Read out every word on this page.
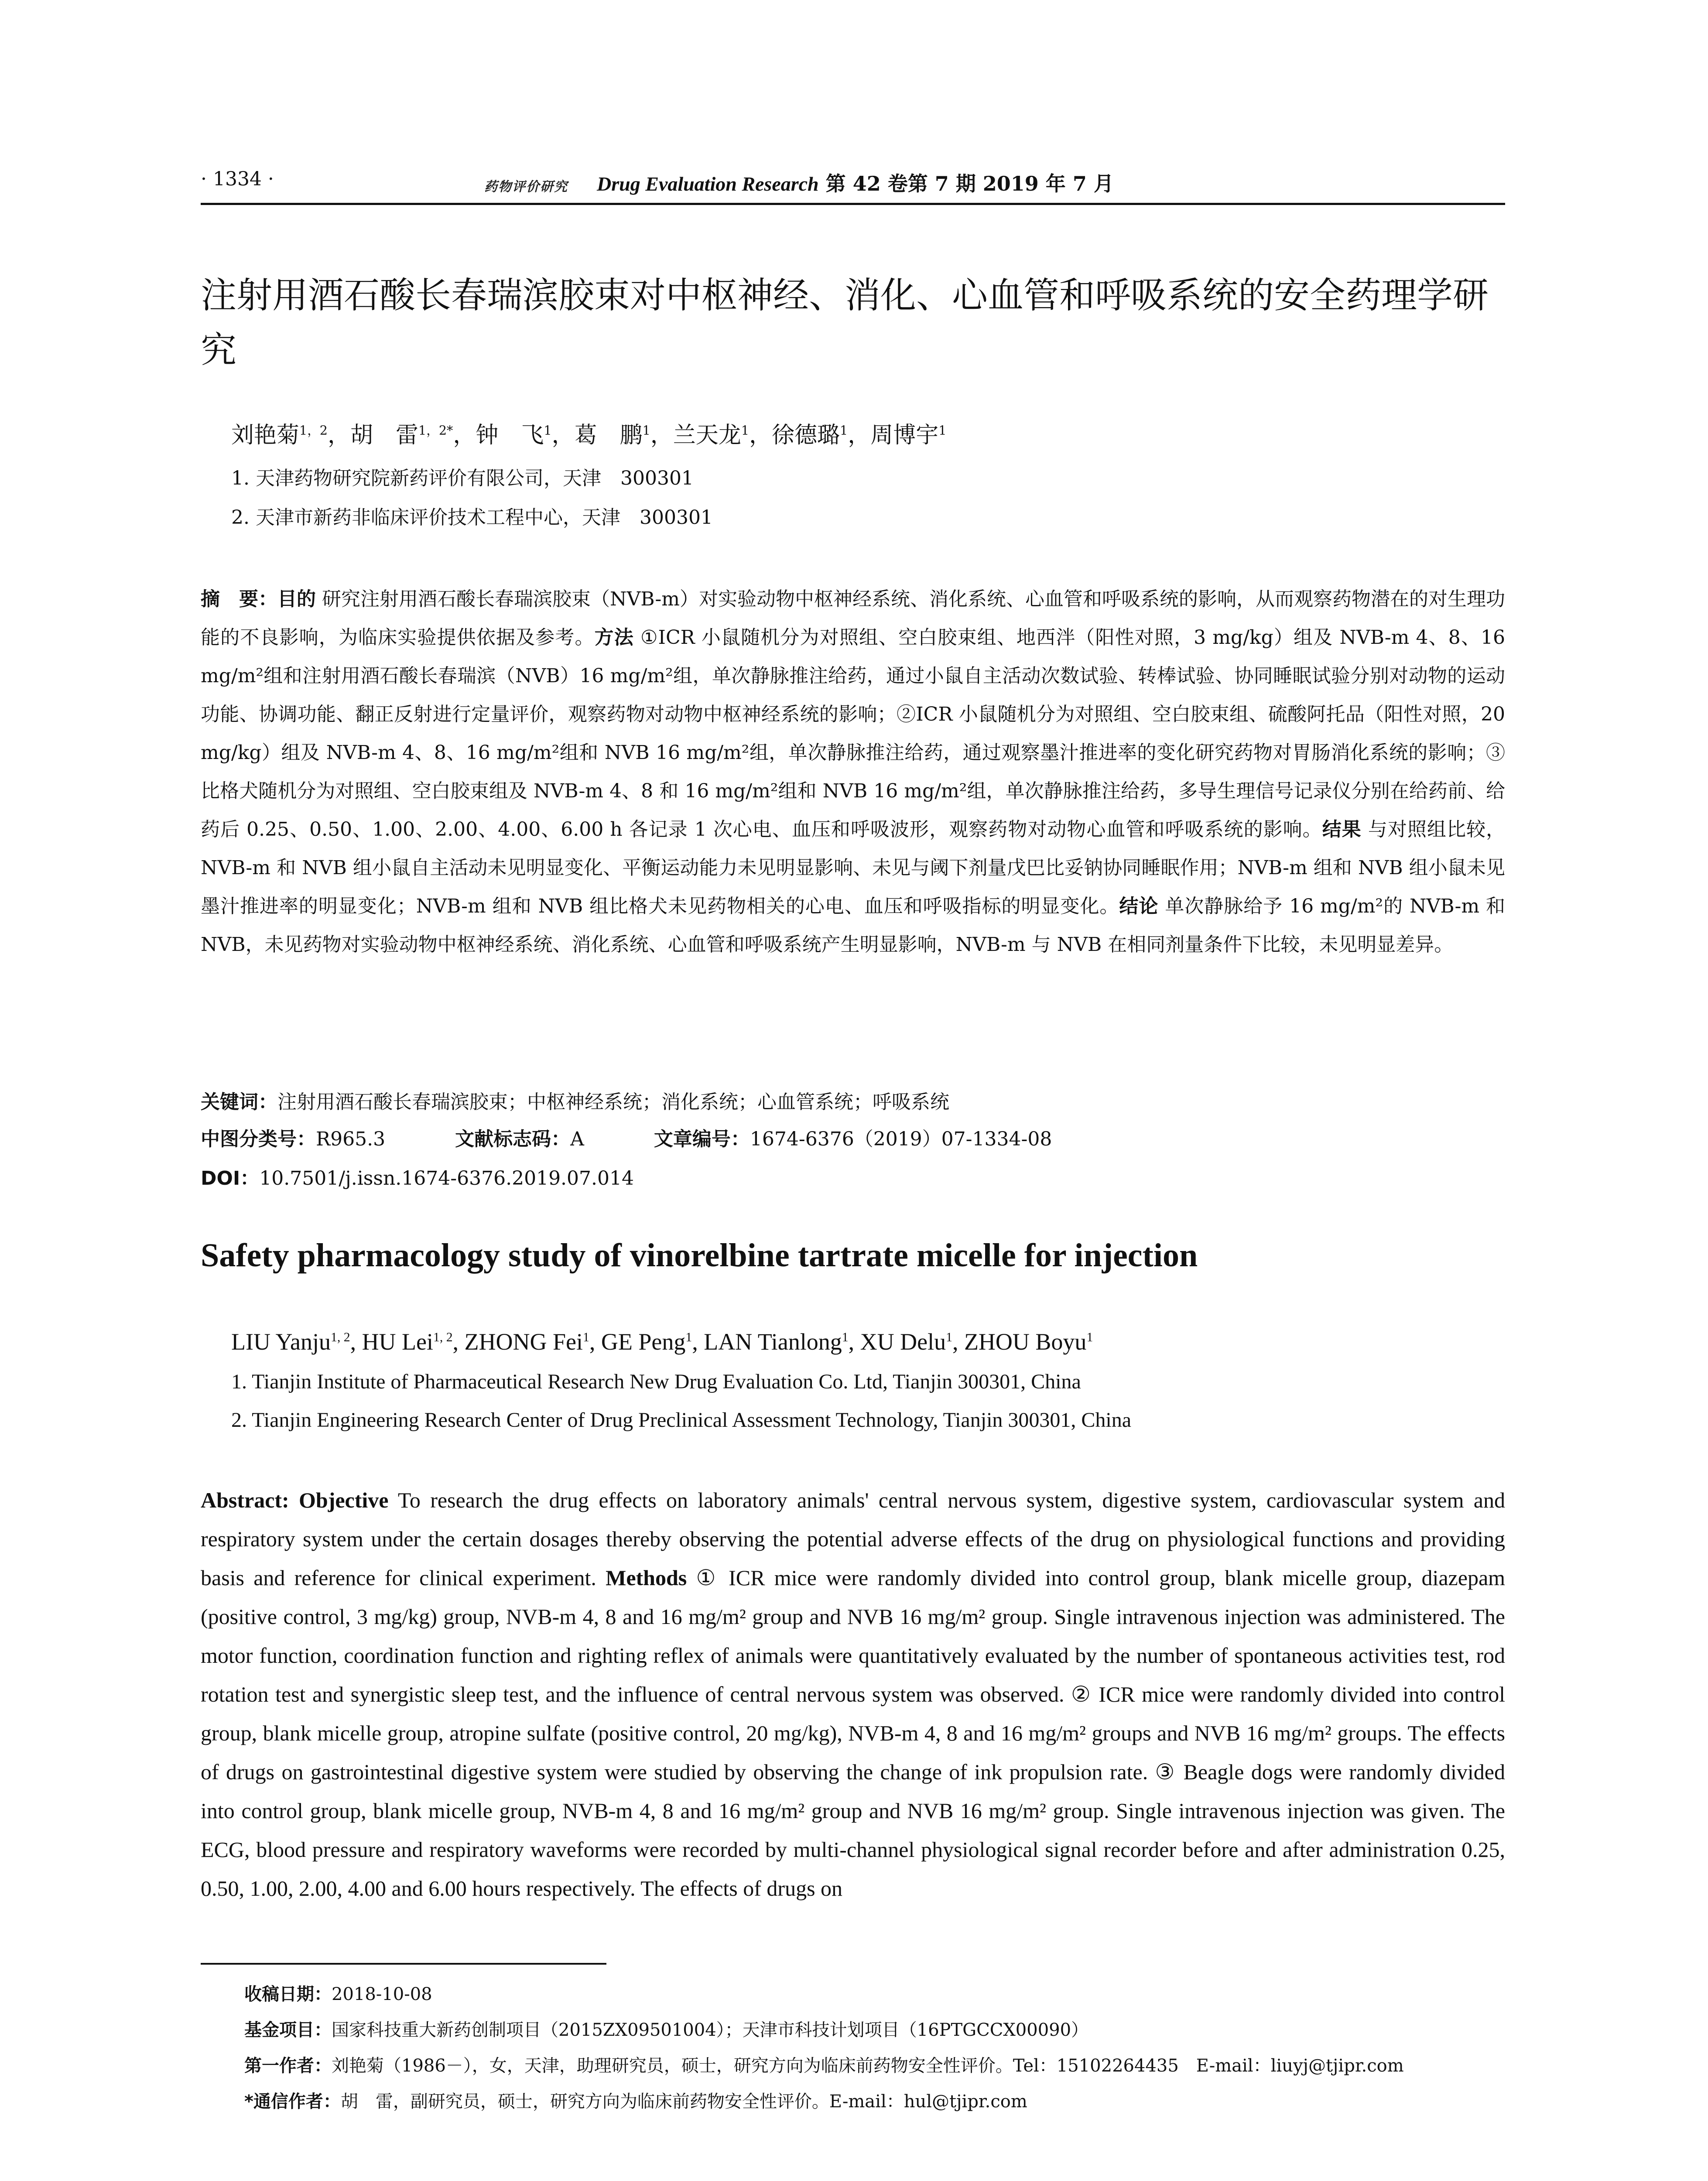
· 1334 ·	药物评价研究 Drug Evaluation Research 第 42 卷第 7 期 2019 年 7 月
注射用酒石酸长春瑞滨胶束对中枢神经、消化、心血管和呼吸系统的安全药理学研究
刘艳菊$^{1,2}$，胡　雷$^{1,2*}$，钟　飞$^1$，葛　鹏$^1$，兰天龙$^1$，徐德璐$^1$，周博宇$^1$
1. 天津药物研究院新药评价有限公司，天津　300301
2. 天津市新药非临床评价技术工程中心，天津　300301
摘　要：目的 研究注射用酒石酸长春瑞滨胶束（NVB-m）对实验动物中枢神经系统、消化系统、心血管和呼吸系统的影响，从而观察药物潜在的对生理功能的不良影响，为临床实验提供依据及参考。方法 ①ICR 小鼠随机分为对照组、空白胶束组、地西泮（阳性对照，3 mg/kg）组及 NVB-m 4、8、16 mg/m²组和注射用酒石酸长春瑞滨（NVB）16 mg/m²组，单次静脉推注给药，通过小鼠自主活动次数试验、转棒试验、协同睡眠试验分别对动物的运动功能、协调功能、翻正反射进行定量评价，观察药物对动物中枢神经系统的影响；②ICR 小鼠随机分为对照组、空白胶束组、硫酸阿托品（阳性对照，20 mg/kg）组及 NVB-m 4、8、16 mg/m²组和 NVB 16 mg/m²组，单次静脉推注给药，通过观察墨汁推进率的变化研究药物对胃肠消化系统的影响；③比格犬随机分为对照组、空白胶束组及 NVB-m 4、8 和 16 mg/m²组和 NVB 16 mg/m²组，单次静脉推注给药，多导生理信号记录仪分别在给药前、给药后 0.25、0.50、1.00、2.00、4.00、6.00 h 各记录 1 次心电、血压和呼吸波形，观察药物对动物心血管和呼吸系统的影响。结果 与对照组比较，NVB-m 和 NVB 组小鼠自主活动未见明显变化、平衡运动能力未见明显影响、未见与阈下剂量戊巴比妥钠协同睡眠作用；NVB-m 组和 NVB 组小鼠未见墨汁推进率的明显变化；NVB-m 组和 NVB 组比格犬未见药物相关的心电、血压和呼吸指标的明显变化。结论 单次静脉给予 16 mg/m²的 NVB-m 和 NVB，未见药物对实验动物中枢神经系统、消化系统、心血管和呼吸系统产生明显影响，NVB-m 与 NVB 在相同剂量条件下比较，未见明显差异。
关键词：注射用酒石酸长春瑞滨胶束；中枢神经系统；消化系统；心血管系统；呼吸系统
中图分类号：R965.3	文献标志码：A	文章编号：1674-6376（2019）07-1334-08
DOI：10.7501/j.issn.1674-6376.2019.07.014
Safety pharmacology study of vinorelbine tartrate micelle for injection
LIU Yanju$^{1, 2}$, HU Lei$^{1, 2}$, ZHONG Fei$^1$, GE Peng$^1$, LAN Tianlong$^1$, XU Delu$^1$, ZHOU Boyu$^1$
1. Tianjin Institute of Pharmaceutical Research New Drug Evaluation Co. Ltd, Tianjin 300301, China
2. Tianjin Engineering Research Center of Drug Preclinical Assessment Technology, Tianjin 300301, China
Abstract: Objective To research the drug effects on laboratory animals' central nervous system, digestive system, cardiovascular system and respiratory system under the certain dosages thereby observing the potential adverse effects of the drug on physiological functions and providing basis and reference for clinical experiment. Methods ① ICR mice were randomly divided into control group, blank micelle group, diazepam (positive control, 3 mg/kg) group, NVB-m 4, 8 and 16 mg/m² group and NVB 16 mg/m² group. Single intravenous injection was administered. The motor function, coordination function and righting reflex of animals were quantitatively evaluated by the number of spontaneous activities test, rod rotation test and synergistic sleep test, and the influence of central nervous system was observed. ② ICR mice were randomly divided into control group, blank micelle group, atropine sulfate (positive control, 20 mg/kg), NVB-m 4, 8 and 16 mg/m² groups and NVB 16 mg/m² groups. The effects of drugs on gastrointestinal digestive system were studied by observing the change of ink propulsion rate. ③ Beagle dogs were randomly divided into control group, blank micelle group, NVB-m 4, 8 and 16 mg/m² group and NVB 16 mg/m² group. Single intravenous injection was given. The ECG, blood pressure and respiratory waveforms were recorded by multi-channel physiological signal recorder before and after administration 0.25, 0.50, 1.00, 2.00, 4.00 and 6.00 hours respectively. The effects of drugs on
收稿日期：2018-10-08
基金项目：国家科技重大新药创制项目（2015ZX09501004）；天津市科技计划项目（16PTGCCX00090）
第一作者：刘艳菊（1986－），女，天津，助理研究员，硕士，研究方向为临床前药物安全性评价。Tel：15102264435　E-mail：liuyj@tjipr.com
*通信作者：胡　雷，副研究员，硕士，研究方向为临床前药物安全性评价。E-mail：hul@tjipr.com
